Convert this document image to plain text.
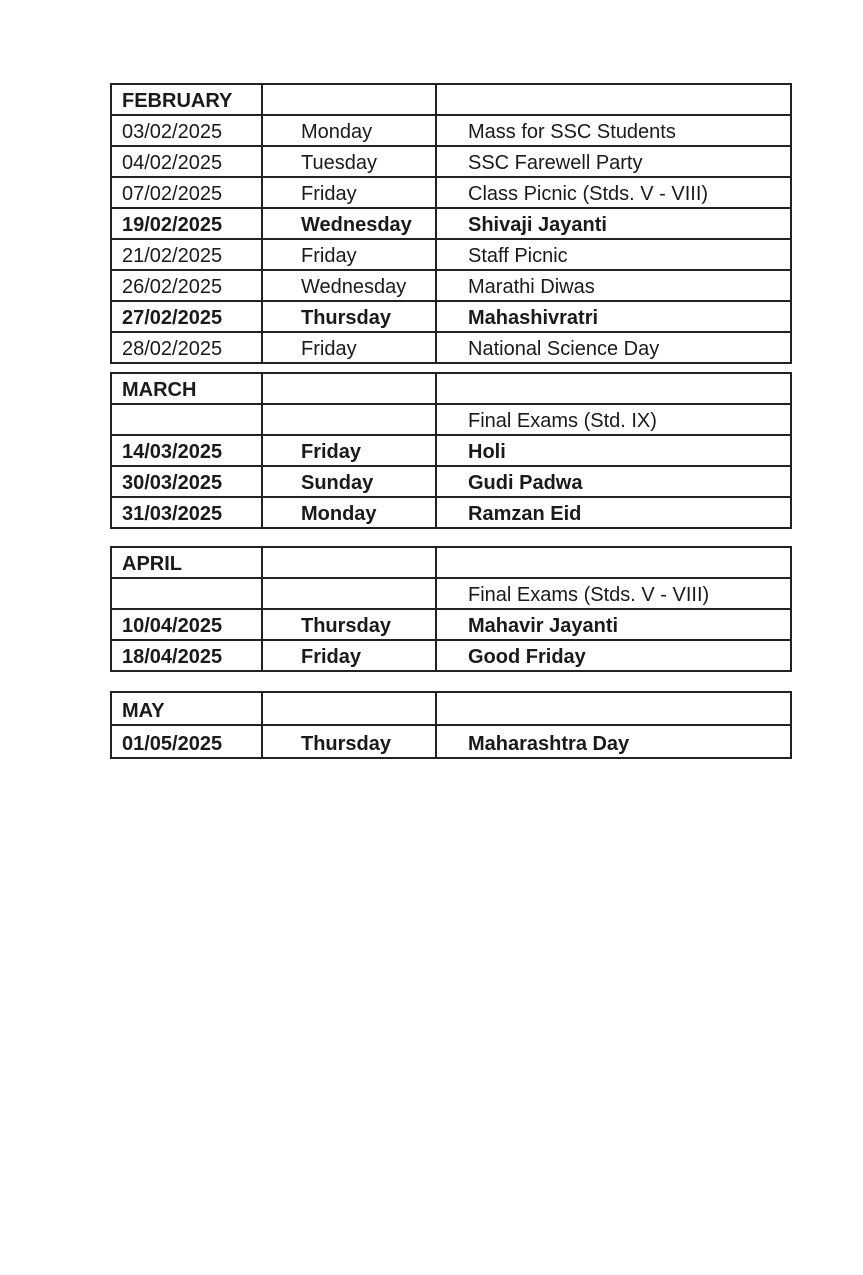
FEBRUARY		
03/02/2025	Monday	Mass for SSC Students
04/02/2025	Tuesday	SSC Farewell Party
07/02/2025	Friday	Class Picnic (Stds. V - VIII)
19/02/2025	Wednesday	Shivaji Jayanti
21/02/2025	Friday	Staff Picnic
26/02/2025	Wednesday	Marathi Diwas
27/02/2025	Thursday	Mahashivratri
28/02/2025	Friday	National Science Day
MARCH		
		Final Exams (Std. IX)
14/03/2025	Friday	Holi
30/03/2025	Sunday	Gudi Padwa
31/03/2025	Monday	Ramzan Eid
APRIL		
		Final Exams (Stds. V - VIII)
10/04/2025	Thursday	Mahavir Jayanti
18/04/2025	Friday	Good Friday
MAY		
01/05/2025	Thursday	Maharashtra Day
